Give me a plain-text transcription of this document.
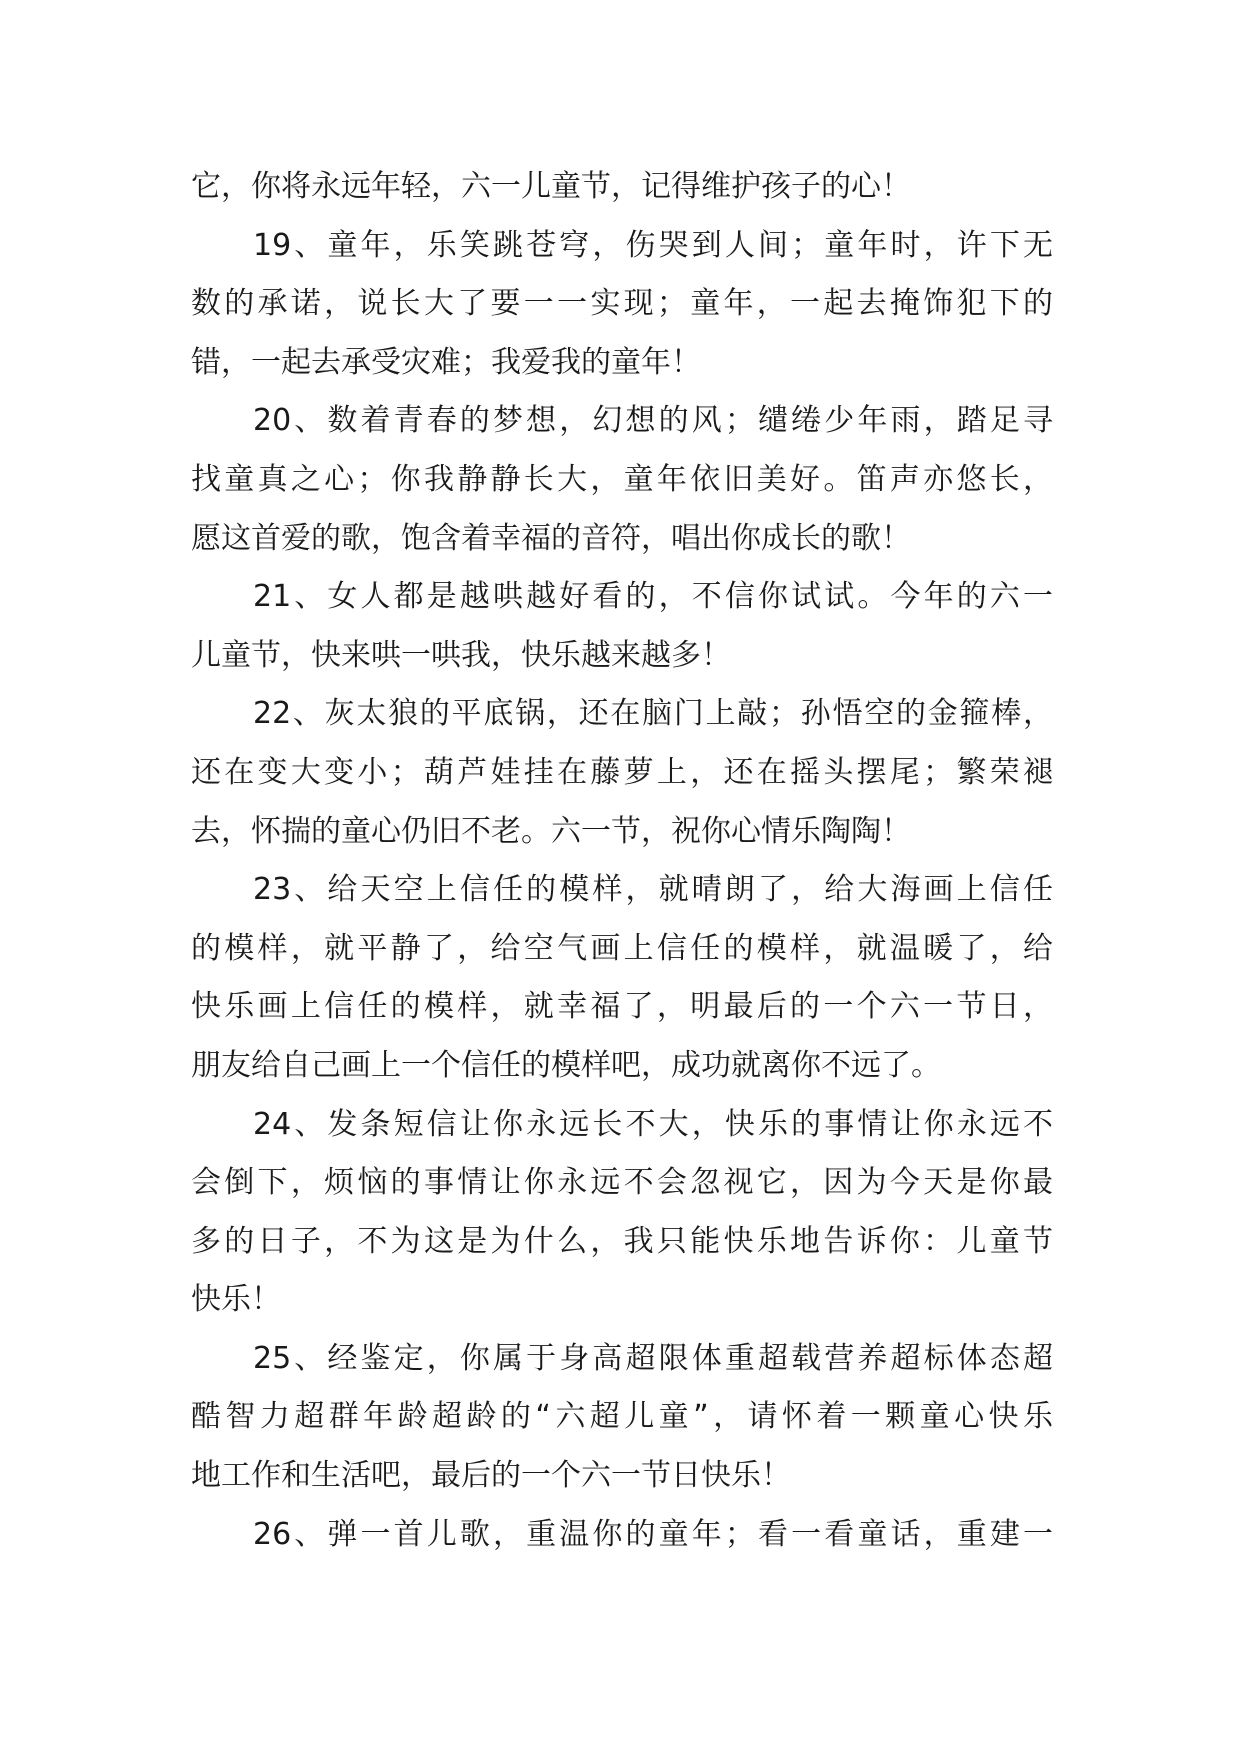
它，你将永远年轻，六一儿童节，记得维护孩子的心！
19、童年，乐笑跳苍穹，伤哭到人间；童年时，许下无
数的承诺，说长大了要一一实现；童年，一起去掩饰犯下的
错，一起去承受灾难；我爱我的童年！
20、数着青春的梦想，幻想的风；缱绻少年雨，踏足寻
找童真之心；你我静静长大，童年依旧美好。笛声亦悠长，
愿这首爱的歌，饱含着幸福的音符，唱出你成长的歌！
21、女人都是越哄越好看的，不信你试试。今年的六一
儿童节，快来哄一哄我，快乐越来越多！
22、灰太狼的平底锅，还在脑门上敲；孙悟空的金箍棒，
还在变大变小；葫芦娃挂在藤萝上，还在摇头摆尾；繁荣褪
去，怀揣的童心仍旧不老。六一节，祝你心情乐陶陶！
23、给天空上信任的模样，就晴朗了，给大海画上信任
的模样，就平静了，给空气画上信任的模样，就温暖了，给
快乐画上信任的模样，就幸福了，明最后的一个六一节日，
朋友给自己画上一个信任的模样吧，成功就离你不远了。
24、发条短信让你永远长不大，快乐的事情让你永远不
会倒下，烦恼的事情让你永远不会忽视它，因为今天是你最
多的日子，不为这是为什么，我只能快乐地告诉你：儿童节
快乐！
25、经鉴定，你属于身高超限体重超载营养超标体态超
酷智力超群年龄超龄的“六超儿童”，请怀着一颗童心快乐
地工作和生活吧，最后的一个六一节日快乐！
26、弹一首儿歌，重温你的童年；看一看童话，重建一
